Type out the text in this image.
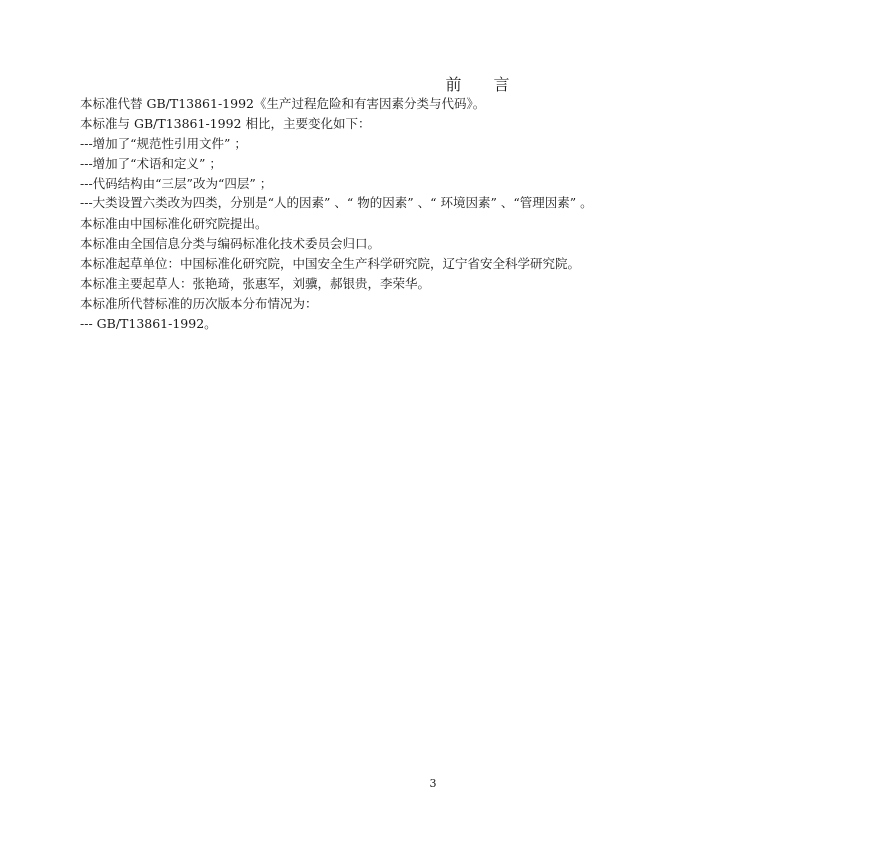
前　　言
本标准代替 GB/T13861-1992《生产过程危险和有害因素分类与代码》。
本标准与 GB/T13861-1992 相比，主要变化如下：
---增加了“规范性引用文件” ；
---增加了“术语和定义” ；
---代码结构由“三层”改为“四层” ；
---大类设置六类改为四类，分别是“人的因素” 、“ 物的因素” 、“ 环境因素” 、“管理因素” 。
本标准由中国标准化研究院提出。
本标准由全国信息分类与编码标准化技术委员会归口。
本标准起草单位：中国标准化研究院，中国安全生产科学研究院，辽宁省安全科学研究院。
本标准主要起草人：张艳琦，张惠军，刘骥，郝银贵，李荣华。
本标准所代替标准的历次版本分布情况为：
--- GB/T13861-1992。
3
